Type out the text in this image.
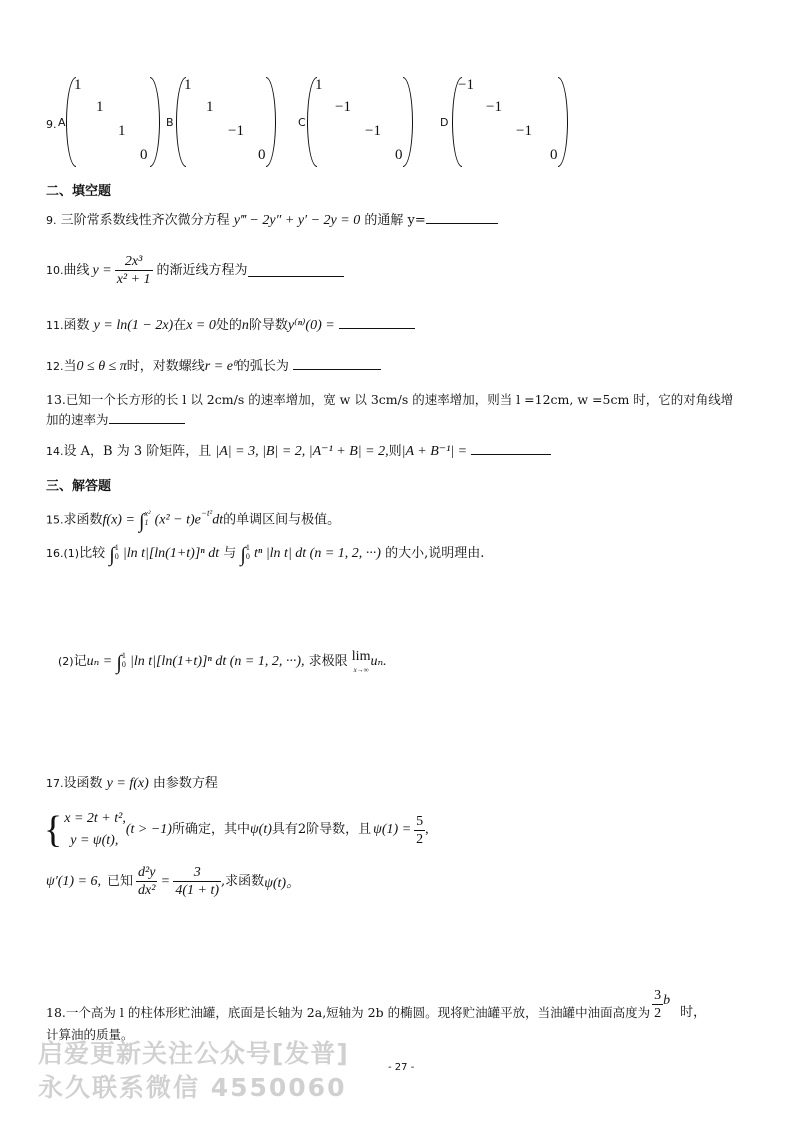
9. A
1
1
1
0
B
1
1
−1
0
C
1
−1
−1
0
D
−1
−1
−1
0
二、填空题
9. 三阶常系数线性齐次微分方程 y‴ − 2y″ + y′ − 2y = 0 的通解 y=
10. 曲线 $y = \frac{\text{2x³}}{\text{x² + 1}}$ 的渐近线方程为
11.函数 y = ln(1 − 2x)在x = 0处的n阶导数y⁽ⁿ⁾(0) =
12.当0 ≤ θ ≤ π时，对数螺线r = eᶿ的弧长为
13.已知一个长方形的长 l 以 2cm/s 的速率增加，宽 w 以 3cm/s 的速率增加，则当 l =12cm, w =5cm 时，它的对角线增
加的速率为
14.设 A，B 为 3 阶矩阵，且 |A| = 3, |B| = 2, |A⁻¹ + B| = 2,则|A + B⁻¹| =
三、解答题
15.求函数f(x) = ∫x²
1 $(x^2 - t)e^{-t^2}dt$的单调区间与极值。
16.(1)比较 ∫1
0 |ln t|[ln(1+t)]ⁿ dt 与 ∫1
0 tⁿ |ln t| dt (n = 1, 2, ···) 的大小,说明理由.
(2)记uₙ = ∫1
0 |ln t|[ln(1+t)]ⁿ dt (n = 1, 2, ···), 求极限 lim
x→∞uₙ.
17.设函数 y = f(x) 由参数方程
{ x = 2t + t²,
y = ψ(t),
(t > −1) 所确定，其中 ψ(t) 具有2阶导数，且 $\psi(1) = \frac{5}{2}$ ,
ψ′(1) = 6, 已知 $\frac{\text{d²y}}{\text{dx²}} = \frac{3}{4(1 + t)}$ ,求函数 ψ(t)。
18.一个高为 l 的柱体形贮油罐，底面是长轴为 2a,短轴为 2b 的椭圆。现将贮油罐平放，当油罐中油面高度为 $\frac{3}{2}$ b
时，
计算油的质量。
- 27 -
启爱更新关注公众号[发普]
永久联系微信 4550060
